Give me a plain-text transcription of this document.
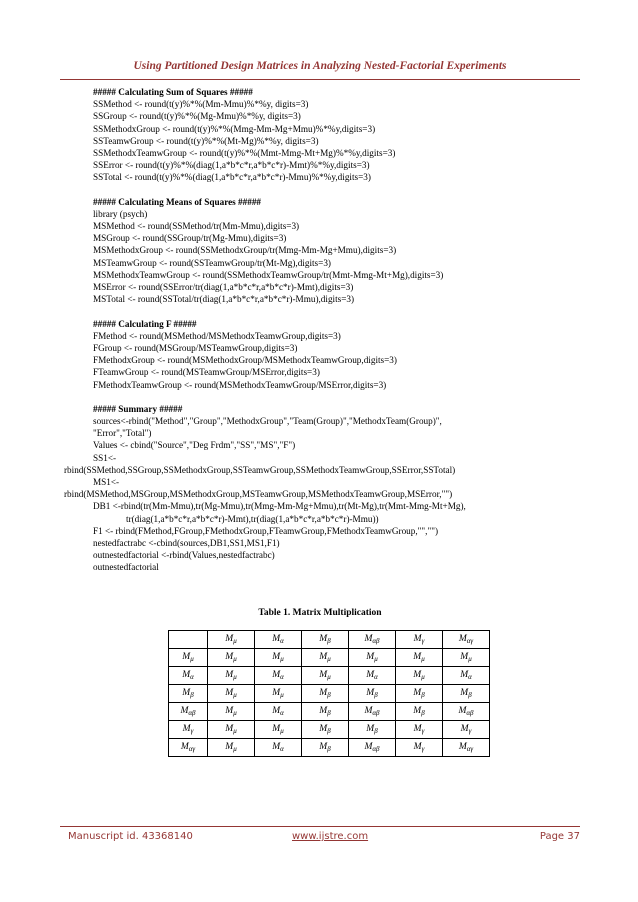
Using Partitioned Design Matrices in Analyzing Nested-Factorial Experiments
##### Calculating Sum of Squares #####
SSMethod <- round(t(y)%*%(Mm-Mmu)%*%y, digits=3)
SSGroup <- round(t(y)%*%(Mg-Mmu)%*%y, digits=3)
SSMethodxGroup <- round(t(y)%*%(Mmg-Mm-Mg+Mmu)%*%y,digits=3)
SSTeamwGroup <- round(t(y)%*%(Mt-Mg)%*%y, digits=3)
SSMethodxTeamwGroup <- round(t(y)%*%(Mmt-Mmg-Mt+Mg)%*%y,digits=3)
SSError <- round(t(y)%*%(diag(1,a*b*c*r,a*b*c*r)-Mmt)%*%y,digits=3)
SSTotal <- round(t(y)%*%(diag(1,a*b*c*r,a*b*c*r)-Mmu)%*%y,digits=3)
##### Calculating Means of Squares #####
library (psych)
MSMethod <- round(SSMethod/tr(Mm-Mmu),digits=3)
MSGroup <- round(SSGroup/tr(Mg-Mmu),digits=3)
MSMethodxGroup <- round(SSMethodxGroup/tr(Mmg-Mm-Mg+Mmu),digits=3)
MSTeamwGroup <- round(SSTeamwGroup/tr(Mt-Mg),digits=3)
MSMethodxTeamwGroup <- round(SSMethodxTeamwGroup/tr(Mmt-Mmg-Mt+Mg),digits=3)
MSError <- round(SSError/tr(diag(1,a*b*c*r,a*b*c*r)-Mmt),digits=3)
MSTotal <- round(SSTotal/tr(diag(1,a*b*c*r,a*b*c*r)-Mmu),digits=3)
##### Calculating F #####
FMethod <- round(MSMethod/MSMethodxTeamwGroup,digits=3)
FGroup <- round(MSGroup/MSTeamwGroup,digits=3)
FMethodxGroup <- round(MSMethodxGroup/MSMethodxTeamwGroup,digits=3)
FTeamwGroup <- round(MSTeamwGroup/MSError,digits=3)
FMethodxTeamwGroup <- round(MSMethodxTeamwGroup/MSError,digits=3)
##### Summary #####
sources<-rbind("Method","Group","MethodxGroup","Team(Group)","MethodxTeam(Group)",
"Error","Total")
Values <- cbind("Source","Deg Frdm","SS","MS","F")
SS1<-
rbind(SSMethod,SSGroup,SSMethodxGroup,SSTeamwGroup,SSMethodxTeamwGroup,SSError,SSTotal)
MS1<-
rbind(MSMethod,MSGroup,MSMethodxGroup,MSTeamwGroup,MSMethodxTeamwGroup,MSError,"")
DB1 <-rbind(tr(Mm-Mmu),tr(Mg-Mmu),tr(Mmg-Mm-Mg+Mmu),tr(Mt-Mg),tr(Mmt-Mmg-Mt+Mg),
tr(diag(1,a*b*c*r,a*b*c*r)-Mmt),tr(diag(1,a*b*c*r,a*b*c*r)-Mmu))
F1 <- rbind(FMethod,FGroup,FMethodxGroup,FTeamwGroup,FMethodxTeamwGroup,"","")
nestedfactrabc <-cbind(sources,DB1,SS1,MS1,F1)
outnestedfactorial <-rbind(Values,nestedfactrabc)
outnestedfactorial
Table 1. Matrix Multiplication
	$M_\mu$	$M_\alpha$	$M_\beta$	$M_{\alpha\beta}$	$M_\gamma$	$M_{\alpha\gamma}$
$M_\mu$	$M_\mu$	$M_\mu$	$M_\mu$	$M_\mu$	$M_\mu$	$M_\mu$
$M_\alpha$	$M_\mu$	$M_\alpha$	$M_\mu$	$M_\alpha$	$M_\mu$	$M_\alpha$
$M_\beta$	$M_\mu$	$M_\mu$	$M_\beta$	$M_\beta$	$M_\beta$	$M_\beta$
$M_{\alpha\beta}$	$M_\mu$	$M_\alpha$	$M_\beta$	$M_{\alpha\beta}$	$M_\beta$	$M_{\alpha\beta}$
$M_\gamma$	$M_\mu$	$M_\mu$	$M_\beta$	$M_\beta$	$M_\gamma$	$M_\gamma$
$M_{\alpha\gamma}$	$M_\mu$	$M_\alpha$	$M_\beta$	$M_{\alpha\beta}$	$M_\gamma$	$M_{\alpha\gamma}$
Manuscript id. 43368140	www.ijstre.com	Page 37
